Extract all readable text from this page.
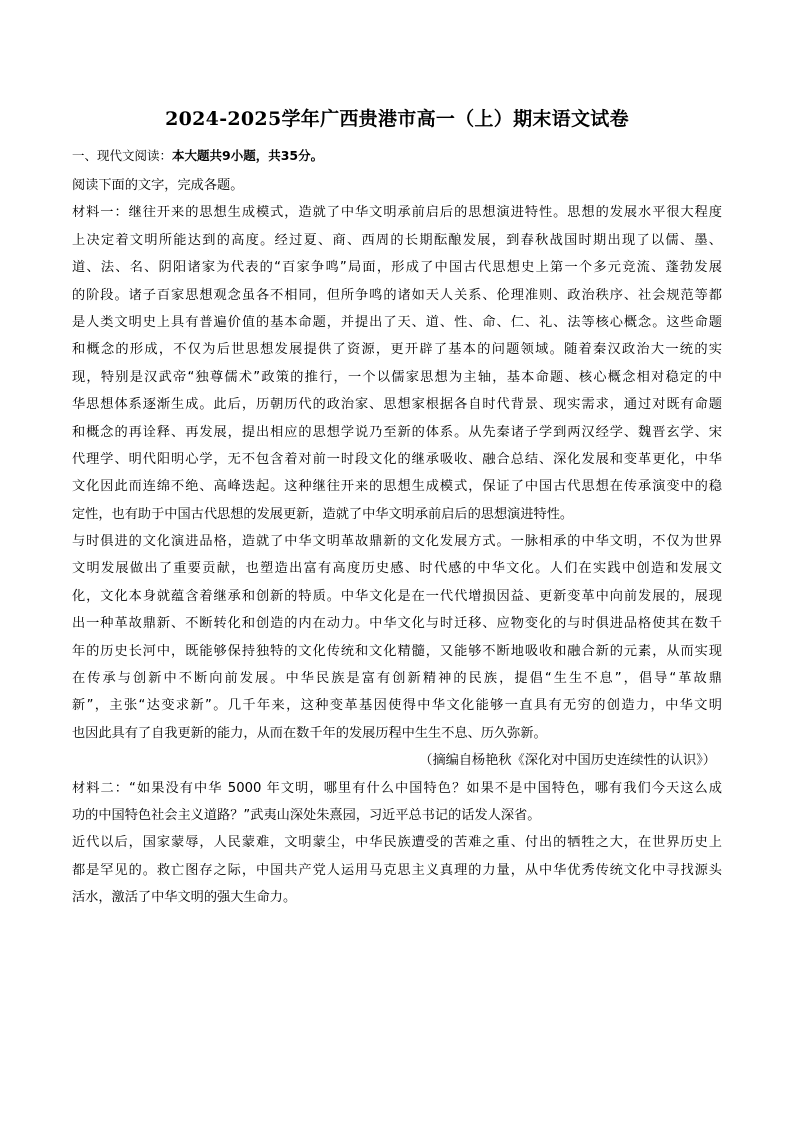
2024-2025学年广西贵港市高一（上）期末语文试卷
一、现代文阅读：本大题共9小题，共35分。
阅读下面的文字，完成各题。
材料一：继往开来的思想生成模式，造就了中华文明承前启后的思想演进特性。思想的发展水平很大程度
上决定着文明所能达到的高度。经过夏、商、西周的长期酝酿发展，到春秋战国时期出现了以儒、墨、
道、法、名、阴阳诸家为代表的“百家争鸣”局面，形成了中国古代思想史上第一个多元竞流、蓬勃发展
的阶段。诸子百家思想观念虽各不相同，但所争鸣的诸如天人关系、伦理准则、政治秩序、社会规范等都
是人类文明史上具有普遍价值的基本命题，并提出了天、道、性、命、仁、礼、法等核心概念。这些命题
和概念的形成，不仅为后世思想发展提供了资源，更开辟了基本的问题领域。随着秦汉政治大一统的实
现，特别是汉武帝“独尊儒术”政策的推行，一个以儒家思想为主轴，基本命题、核心概念相对稳定的中
华思想体系逐渐生成。此后，历朝历代的政治家、思想家根据各自时代背景、现实需求，通过对既有命题
和概念的再诠释、再发展，提出相应的思想学说乃至新的体系。从先秦诸子学到两汉经学、魏晋玄学、宋
代理学、明代阳明心学，无不包含着对前一时段文化的继承吸收、融合总结、深化发展和变革更化，中华
文化因此而连绵不绝、高峰迭起。这种继往开来的思想生成模式，保证了中国古代思想在传承演变中的稳
定性，也有助于中国古代思想的发展更新，造就了中华文明承前启后的思想演进特性。
与时俱进的文化演进品格，造就了中华文明革故鼎新的文化发展方式。一脉相承的中华文明，不仅为世界
文明发展做出了重要贡献，也塑造出富有高度历史感、时代感的中华文化。人们在实践中创造和发展文
化，文化本身就蕴含着继承和创新的特质。中华文化是在一代代增损因益、更新变革中向前发展的，展现
出一种革故鼎新、不断转化和创造的内在动力。中华文化与时迁移、应物变化的与时俱进品格使其在数千
年的历史长河中，既能够保持独特的文化传统和文化精髓，又能够不断地吸收和融合新的元素，从而实现
在传承与创新中不断向前发展。中华民族是富有创新精神的民族，提倡“生生不息”，倡导“革故鼎
新”，主张“达变求新”。几千年来，这种变革基因使得中华文化能够一直具有无穷的创造力，中华文明
也因此具有了自我更新的能力，从而在数千年的发展历程中生生不息、历久弥新。
（摘编自杨艳秋《深化对中国历史连续性的认识》）
材料二：“如果没有中华 5000 年文明，哪里有什么中国特色？如果不是中国特色，哪有我们今天这么成
功的中国特色社会主义道路？”武夷山深处朱熹园，习近平总书记的话发人深省。
近代以后，国家蒙辱，人民蒙难，文明蒙尘，中华民族遭受的苦难之重、付出的牺牲之大，在世界历史上
都是罕见的。救亡图存之际，中国共产党人运用马克思主义真理的力量，从中华优秀传统文化中寻找源头
活水，激活了中华文明的强大生命力。
